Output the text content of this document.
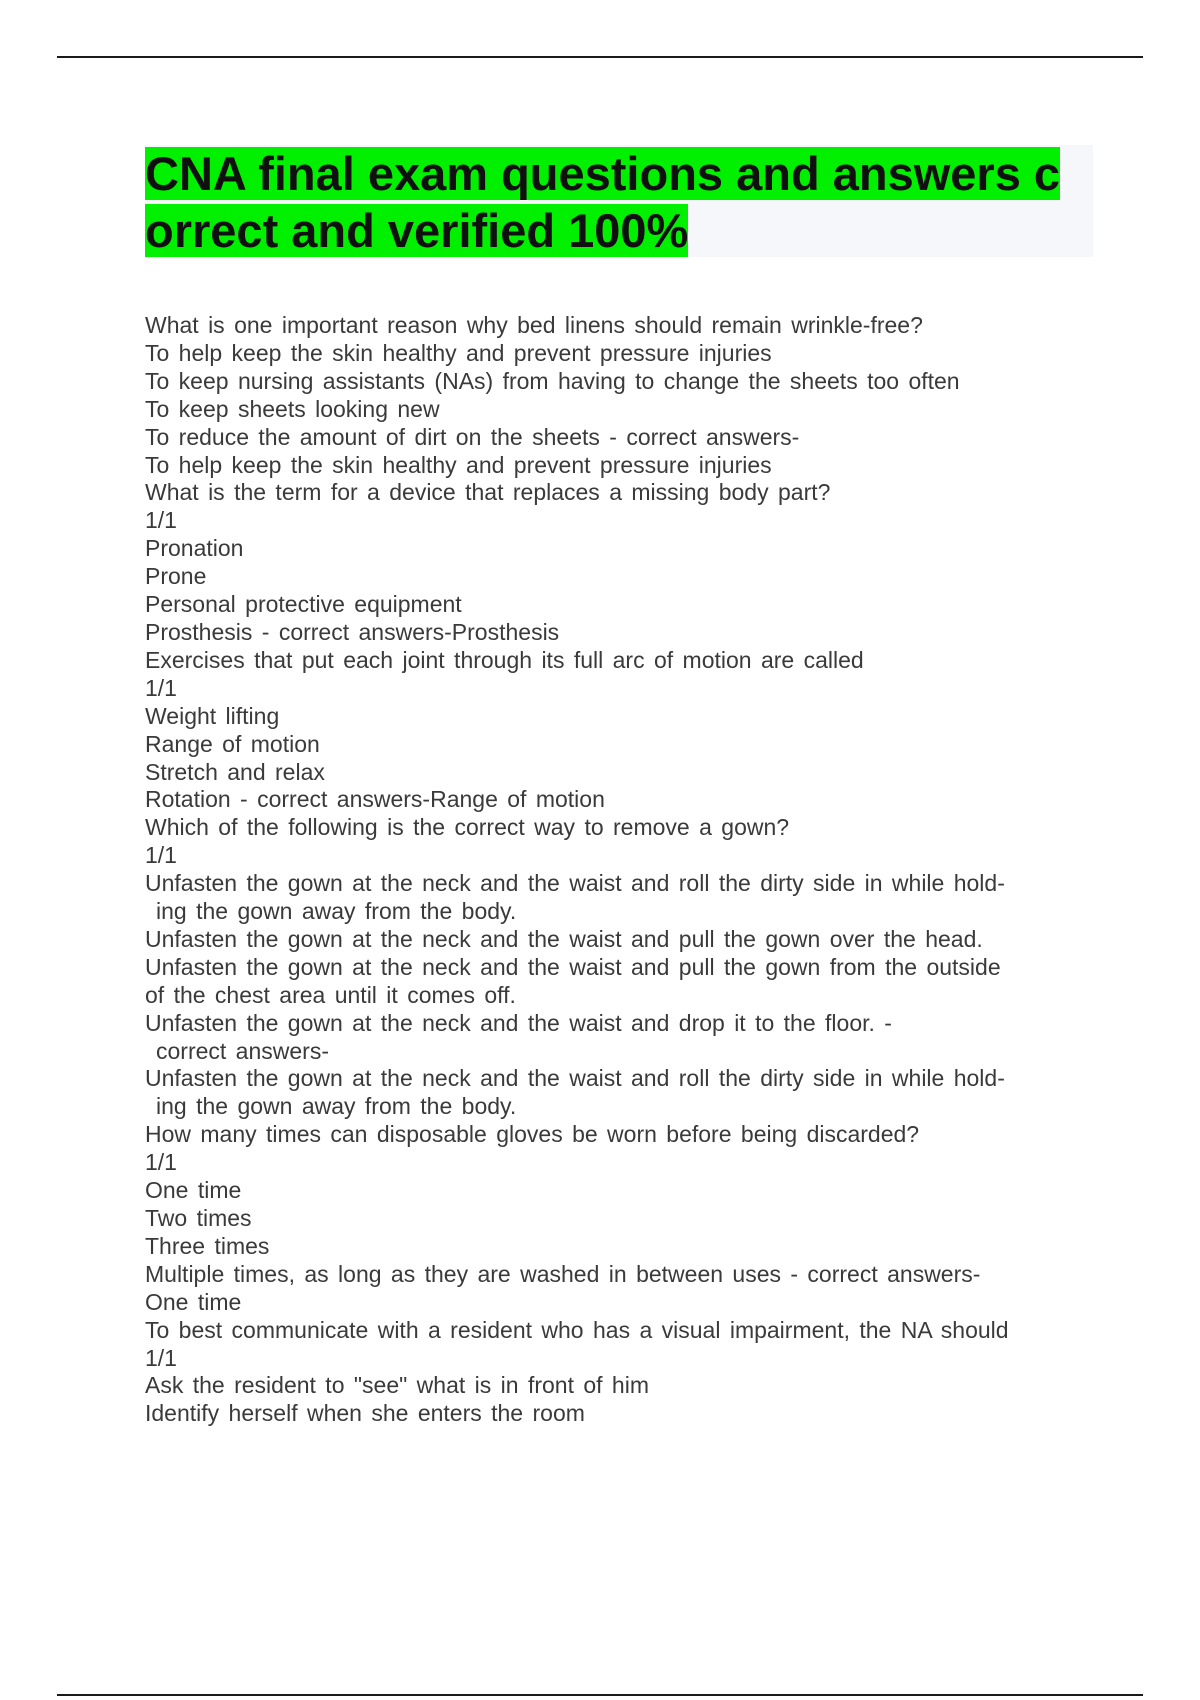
CNA final exam questions and answers correct and verified 100%
What is one important reason why bed linens should remain wrinkle-free?
To help keep the skin healthy and prevent pressure injuries
To keep nursing assistants (NAs) from having to change the sheets too often
To keep sheets looking new
To reduce the amount of dirt on the sheets - correct answers-
To help keep the skin healthy and prevent pressure injuries
What is the term for a device that replaces a missing body part?
1/1
Pronation
Prone
Personal protective equipment
Prosthesis - correct answers-Prosthesis
Exercises that put each joint through its full arc of motion are called
1/1
Weight lifting
Range of motion
Stretch and relax
Rotation - correct answers-Range of motion
Which of the following is the correct way to remove a gown?
1/1
Unfasten the gown at the neck and the waist and roll the dirty side in while hold-
ing the gown away from the body.
Unfasten the gown at the neck and the waist and pull the gown over the head.
Unfasten the gown at the neck and the waist and pull the gown from the outside
of the chest area until it comes off.
Unfasten the gown at the neck and the waist and drop it to the floor. -
correct answers-
Unfasten the gown at the neck and the waist and roll the dirty side in while hold-
ing the gown away from the body.
How many times can disposable gloves be worn before being discarded?
1/1
One time
Two times
Three times
Multiple times, as long as they are washed in between uses - correct answers-
One time
To best communicate with a resident who has a visual impairment, the NA should
1/1
Ask the resident to "see" what is in front of him
Identify herself when she enters the room
